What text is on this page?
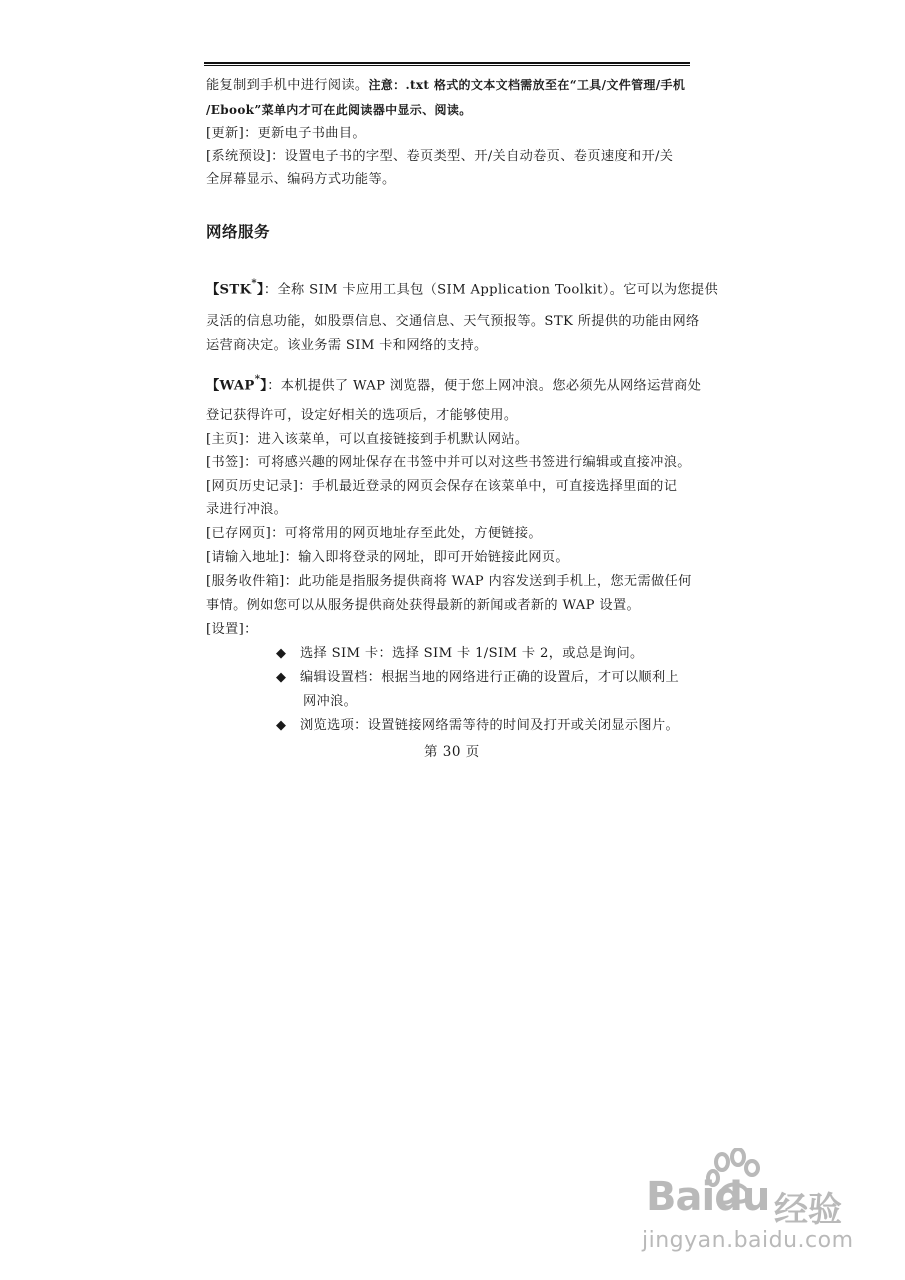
能复制到手机中进行阅读。注意：.txt 格式的文本文档需放至在“工具/文件管理/手机
/Ebook”菜单内才可在此阅读器中显示、阅读。
[更新]：更新电子书曲目。
[系统预设]：设置电子书的字型、卷页类型、开/关自动卷页、卷页速度和开/关
全屏幕显示、编码方式功能等。
网络服务
【STK*】：全称 SIM 卡应用工具包（SIM Application Toolkit）。它可以为您提供
灵活的信息功能，如股票信息、交通信息、天气预报等。STK 所提供的功能由网络
运营商决定。该业务需 SIM 卡和网络的支持。
【WAP*】：本机提供了 WAP 浏览器，便于您上网冲浪。您必须先从网络运营商处
登记获得许可，设定好相关的选项后，才能够使用。
[主页]：进入该菜单，可以直接链接到手机默认网站。
[书签]：可将感兴趣的网址保存在书签中并可以对这些书签进行编辑或直接冲浪。
[网页历史记录]：手机最近登录的网页会保存在该菜单中，可直接选择里面的记
录进行冲浪。
[已存网页]：可将常用的网页地址存至此处，方便链接。
[请输入地址]：输入即将登录的网址，即可开始链接此网页。
[服务收件箱]：此功能是指服务提供商将 WAP 内容发送到手机上，您无需做任何
事情。例如您可以从服务提供商处获得最新的新闻或者新的 WAP 设置。
[设置]：
◆ 选择 SIM 卡：选择 SIM 卡 1/SIM 卡 2，或总是询问。
◆ 编辑设置档：根据当地的网络进行正确的设置后，才可以顺利上
网冲浪。
◆ 浏览选项：设置链接网络需等待的时间及打开或关闭显示图片。
第 30 页
Baidu 经验
jingyan.baidu.com
